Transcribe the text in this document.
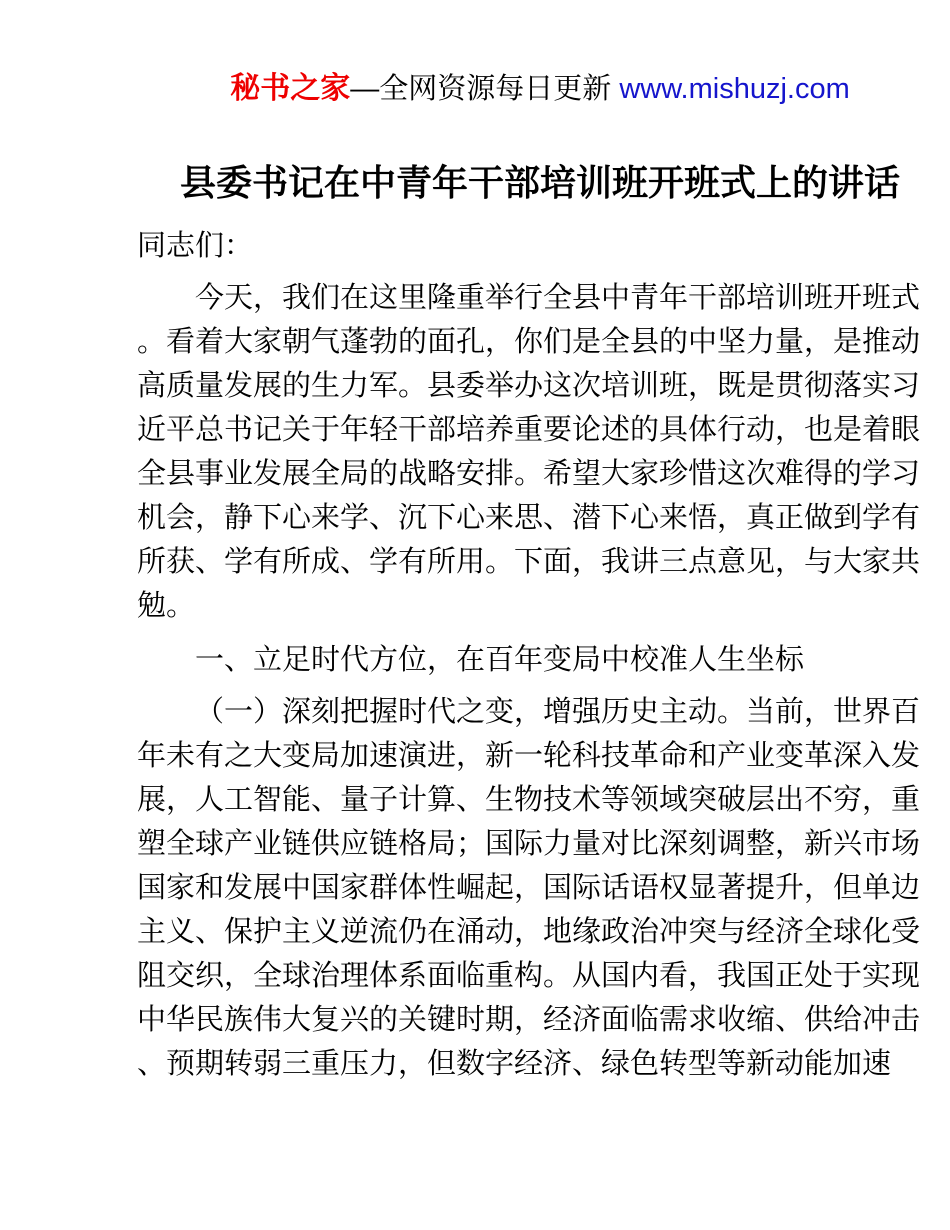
秘书之家—全网资源每日更新 www.mishuzj.com
县委书记在中青年干部培训班开班式上的讲话
同志们：

今天，我们在这里隆重举行全县中青年干部培训班开班式。看着大家朝气蓬勃的面孔，你们是全县的中坚力量，是推动高质量发展的生力军。县委举办这次培训班，既是贯彻落实习近平总书记关于年轻干部培养重要论述的具体行动，也是着眼全县事业发展全局的战略安排。希望大家珍惜这次难得的学习机会，静下心来学、沉下心来思、潜下心来悟，真正做到学有所获、学有所成、学有所用。下面，我讲三点意见，与大家共勉。

一、立足时代方位，在百年变局中校准人生坐标

（一）深刻把握时代之变，增强历史主动。当前，世界百年未有之大变局加速演进，新一轮科技革命和产业变革深入发展，人工智能、量子计算、生物技术等领域突破层出不穷，重塑全球产业链供应链格局；国际力量对比深刻调整，新兴市场国家和发展中国家群体性崛起，国际话语权显著提升，但单边主义、保护主义逆流仍在涌动，地缘政治冲突与经济全球化受阻交织，全球治理体系面临重构。从国内看，我国正处于实现中华民族伟大复兴的关键时期，经济面临需求收缩、供给冲击、预期转弱三重压力，但数字经济、绿色转型等新动能加速
